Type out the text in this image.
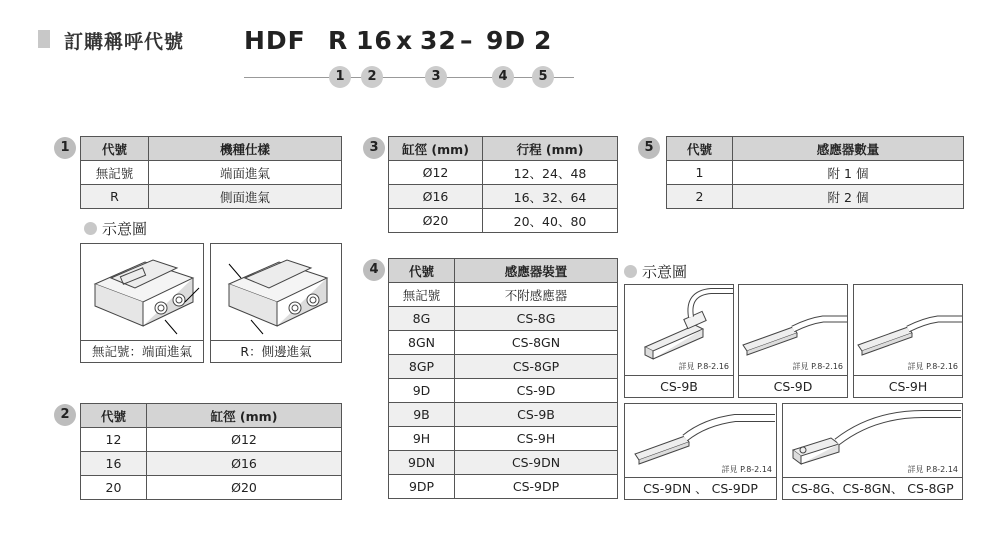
訂購稱呼代號 HDF R 16 x 32 – 9D 2
1	2	3	4	5
1	代號	機種仕樣
無記號	端面進氣
R	側面進氣
示意圖
無記號：端面進氣	R：側邊進氣
2	代號	缸徑 (mm)
12	Ø12
16	Ø16
20	Ø20
3	缸徑 (mm)	行程 (mm)
Ø12	12、24、48
Ø16	16、32、64
Ø20	20、40、80
4	代號	感應器裝置
無記號	不附感應器
8G	CS-8G
8GN	CS-8GN
8GP	CS-8GP
9D	CS-9D
9B	CS-9B
9H	CS-9H
9DN	CS-9DN
9DP	CS-9DP
示意圖
詳見 P.8-2.16
CS-9B
詳見 P.8-2.16
CS-9D
詳見 P.8-2.16
CS-9H
詳見 P.8-2.14
CS-9DN 、 CS-9DP
詳見 P.8-2.14
CS-8G、CS-8GN、 CS-8GP
5	代號	感應器數量
1	附 1 個
2	附 2 個
